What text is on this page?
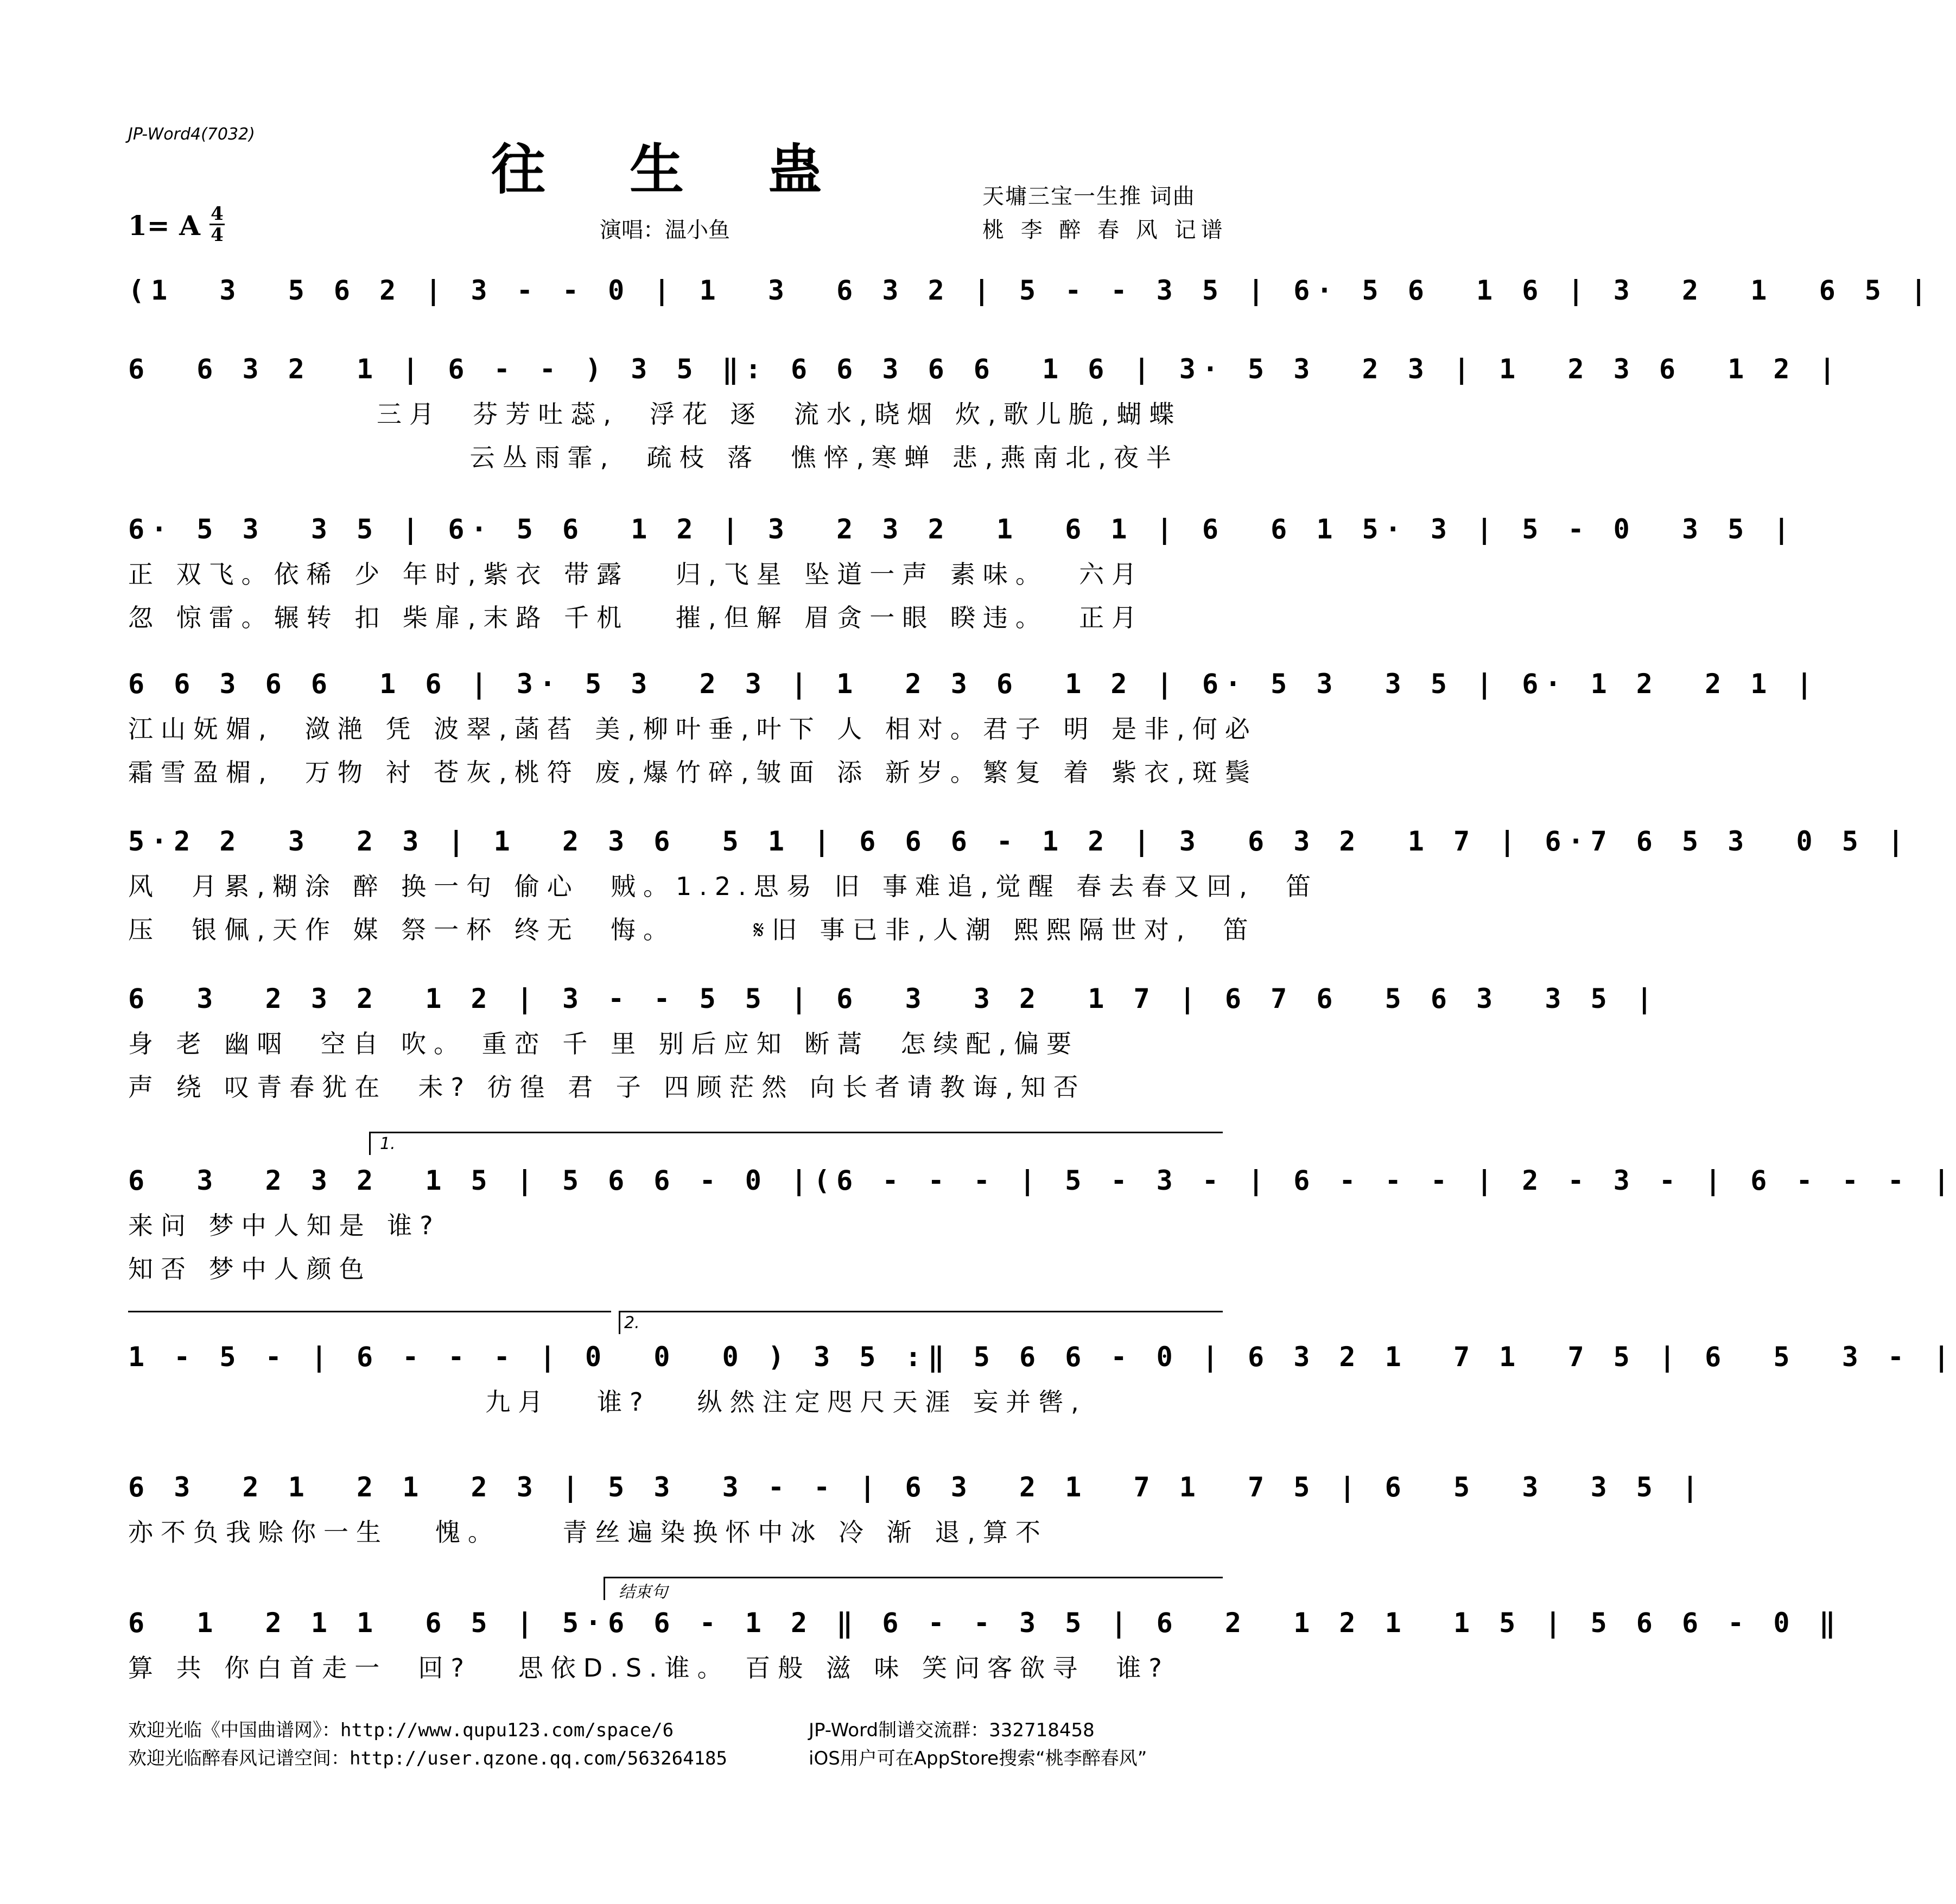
JP-Word4(7032)
往 生 蛊
1= A 4
4	演唱：温小鱼
天墉三宝一生推 词曲
桃 李 醉 春 风 记谱
(1  3  5 6 2 | 3 - - 0 | 1  3  6 3 2 | 5 - - 3 5 | 6· 5 6  1 6 | 3  2  1  6 5 |
6  6 3 2  1 | 6 - - ) 3 5 ‖: 6 6 3 6 6  1 6 | 3· 5 3  2 3 | 1  2 3 6  1 2 |
三月  芬芳吐蕊,  浮花 逐  流水,晓烟 炊,歌儿脆,蝴蝶
云丛雨霏,  疏枝 落  憔悴,寒蝉 悲,燕南北,夜半
6· 5 3  3 5 | 6· 5 6  1 2 | 3  2 3 2  1  6 1 | 6  6 1 5· 3 | 5 - 0  3 5 |
正 双飞。依稀 少 年时,紫衣 带露   归,飞星 坠道一声 素味。  六月
忽 惊雷。辗转 扣 柴扉,末路 千机   摧,但解 眉贪一眼 睽违。  正月
6 6 3 6 6  1 6 | 3· 5 3  2 3 | 1  2 3 6  1 2 | 6· 5 3  3 5 | 6· 1 2  2 1 |
江山妩媚,  潋滟 凭 波翠,菡萏 美,柳叶垂,叶下 人 相对。君子 明 是非,何必
霜雪盈楣,  万物 衬 苍灰,桃符 废,爆竹碎,皱面 添 新岁。繁复 着 紫衣,斑鬓
5·2 2  3  2 3 | 1  2 3 6  5 1 | 6 6 6 - 1 2 | 3  6 3 2  1 7 | 6·7 6 5 3  0 5 |
风  月累,糊涂 醉 换一句 偷心  贼。1.2.思易 旧 事难追,觉醒 春去春又回,  笛
压  银佩,天作 媒 祭一杯 终无  悔。     𝄋旧 事已非,人潮 熙熙隔世对,  笛
6  3  2 3 2  1 2 | 3 - - 5 5 | 6  3  3 2  1 7 | 6 7 6  5 6 3  3 5 |
身 老 幽咽  空自 吹。 重峦 千 里 别后应知 断蒿  怎续配,偏要
声 绕 叹青春犹在  未? 彷徨 君 子 四顾茫然 向长者请教诲,知否
1.
6  3  2 3 2  1 5 | 5 6 6 - 0 |(6 - - - | 5 - 3 - | 6 - - - | 2 - 3 - | 6 - - - |
来问 梦中人知是 谁?
知否 梦中人颜色
2.
1 - 5 - | 6 - - - | 0  0  0 ) 3 5 :‖ 5 6 6 - 0 | 6 3 2 1  7 1  7 5 | 6  5  3 - |
九月   谁?   纵然注定咫尺天涯 妄并辔,
6 3  2 1  2 1  2 3 | 5 3  3 - - | 6 3  2 1  7 1  7 5 | 6  5  3  3 5 |
亦不负我赊你一生   愧。    青丝遍染换怀中冰 冷 渐 退,算不
结束句
6  1  2 1 1  6 5 | 5·6 6 - 1 2 ‖ 6 - - 3 5 | 6  2  1 2 1  1 5 | 5 6 6 - 0 ‖
算 共 你白首走一  回?   思依D.S.谁。 百般 滋 味 笑问客欲寻  谁?
欢迎光临《中国曲谱网》：http://www.qupu123.com/space/6
欢迎光临醉春风记谱空间：http://user.qzone.qq.com/563264185
JP-Word制谱交流群：332718458
iOS用户可在AppStore搜索“桃李醉春风”
